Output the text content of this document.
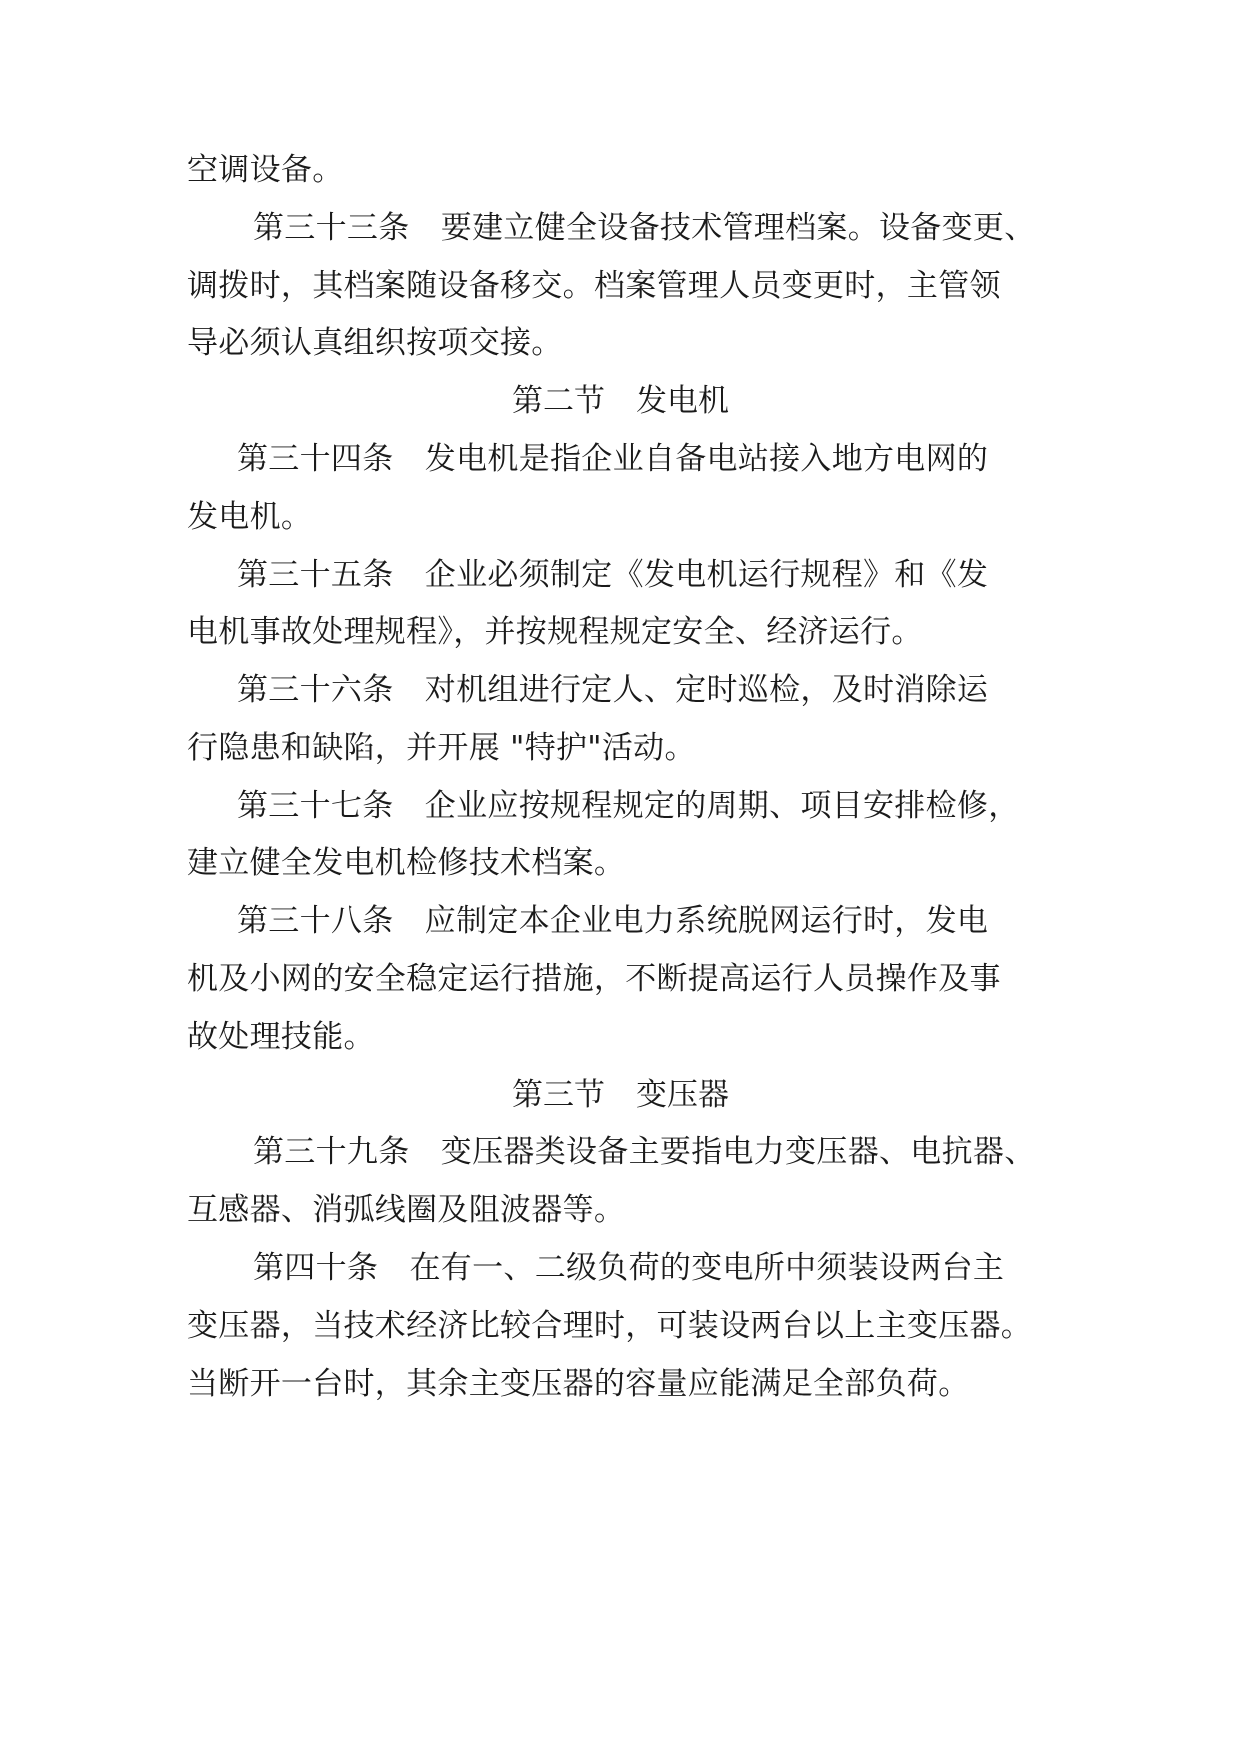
空调设备。
第三十三条　要建立健全设备技术管理档案。设备变更、
调拨时，其档案随设备移交。档案管理人员变更时，主管领
导必须认真组织按项交接。
第二节　发电机
第三十四条　发电机是指企业自备电站接入地方电网的
发电机。
第三十五条　企业必须制定《发电机运行规程》和《发
电机事故处理规程》，并按规程规定安全、经济运行。
第三十六条　对机组进行定人、定时巡检，及时消除运
行隐患和缺陷，并开展 "特护"活动。
第三十七条　企业应按规程规定的周期、项目安排检修，
建立健全发电机检修技术档案。
第三十八条　应制定本企业电力系统脱网运行时，发电
机及小网的安全稳定运行措施，不断提高运行人员操作及事
故处理技能。
第三节　变压器
第三十九条　变压器类设备主要指电力变压器、电抗器、
互感器、消弧线圈及阻波器等。
第四十条　在有一、二级负荷的变电所中须装设两台主
变压器，当技术经济比较合理时，可装设两台以上主变压器。
当断开一台时，其余主变压器的容量应能满足全部负荷。
